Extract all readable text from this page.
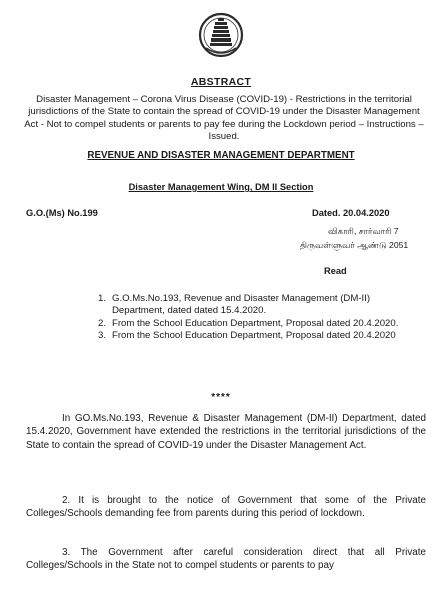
ABSTRACT
Disaster Management – Corona Virus Disease (COVID-19) - Restrictions in the territorial jurisdictions of the State to contain the spread of COVID-19 under the Disaster Management Act - Not to compel students or parents to pay fee during the Lockdown period – Instructions – Issued.
REVENUE AND DISASTER MANAGEMENT DEPARTMENT
Disaster Management Wing, DM II Section
G.O.(Ms) No.199	Dated. 20.04.2020
விகாரி, சார்வாரி 7
திருவள்ளுவர் ஆண்டு 2051
Read
1. G.O.Ms.No.193, Revenue and Disaster Management (DM-II) Department, dated dated 15.4.2020.
2. From the School Education Department, Proposal dated 20.4.2020.
3. From the School Education Department, Proposal dated 20.4.2020
****
In GO.Ms.No.193, Revenue & Disaster Management (DM-II) Department, dated 15.4.2020, Government have extended the restrictions in the territorial jurisdictions of the State to contain the spread of COVID-19 under the Disaster Management Act.
2. It is brought to the notice of Government that some of the Private Colleges/Schools demanding fee from parents during this period of lockdown.
3. The Government after careful consideration direct that all Private Colleges/Schools in the State not to compel students or parents to pay
